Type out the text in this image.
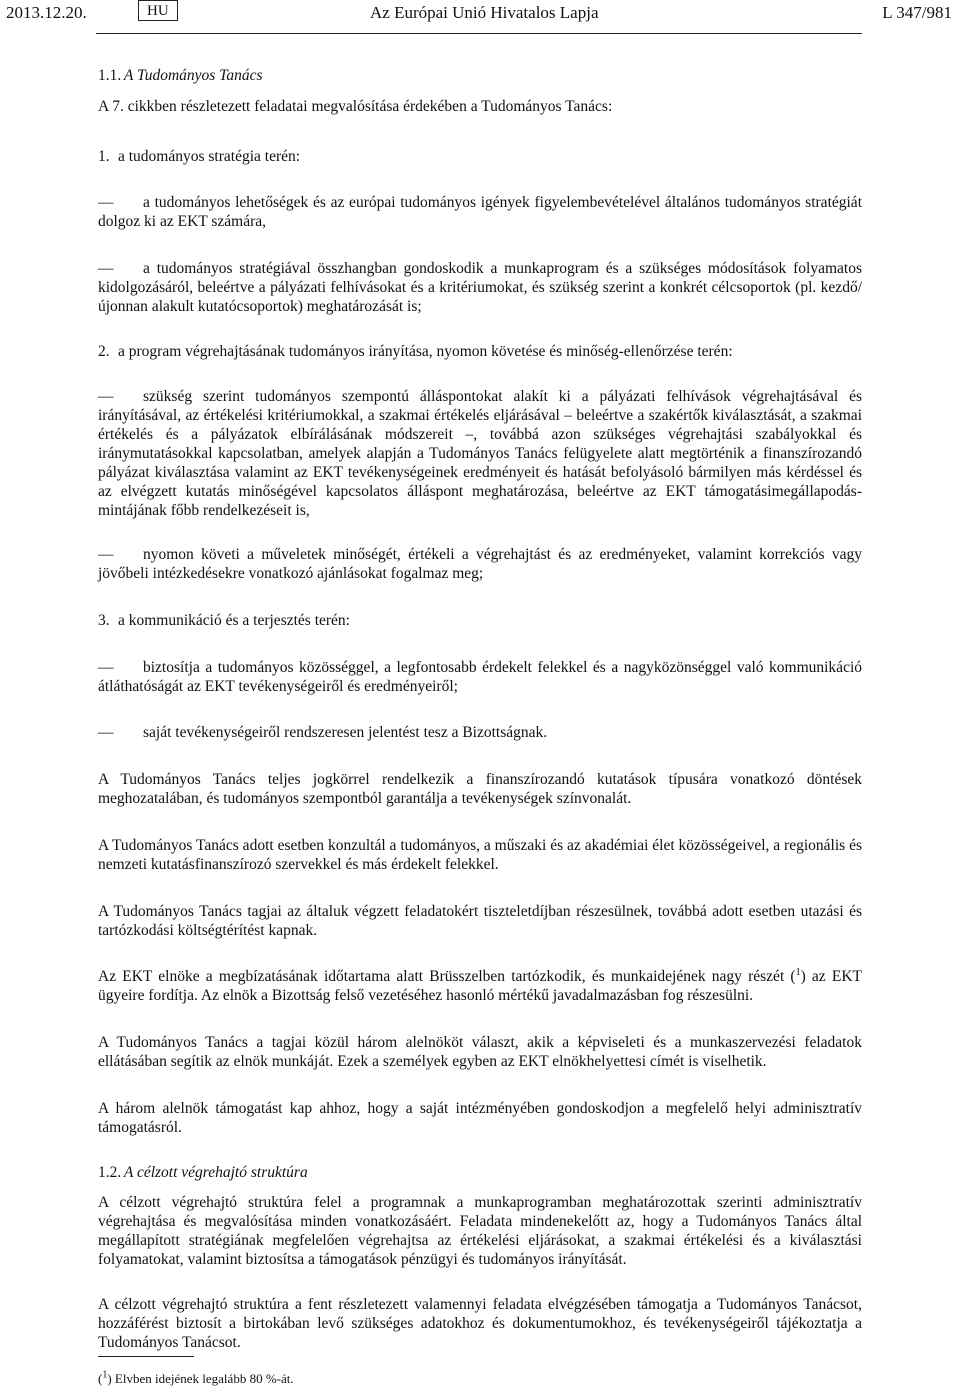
2013.12.20.	HU	Az Európai Unió Hivatalos Lapja	L 347/981
1.1. A Tudományos Tanács

A 7. cikkben részletezett feladatai megvalósítása érdekében a Tudományos Tanács:

1. a tudományos stratégia terén:
—	a tudományos lehetőségek és az európai tudományos igények figyelembevételével általános tudományos stratégiát dolgoz ki az EKT számára,
—	a tudományos stratégiával összhangban gondoskodik a munkaprogram és a szükséges módosítások folyamatos kidolgozásáról, beleértve a pályázati felhívásokat és a kritériumokat, és szükség szerint a konkrét célcsoportok (pl. kezdő/újonnan alakult kutatócsoportok) meghatározását is;
2. a program végrehajtásának tudományos irányítása, nyomon követése és minőség-ellenőrzése terén:
—	szükség szerint tudományos szempontú álláspontokat alakít ki a pályázati felhívások végrehajtásával és irányításával, az értékelési kritériumokkal, a szakmai értékelés eljárásával – beleértve a szakértők kiválasztását, a szakmai értékelés és a pályázatok elbírálásának módszereit –, továbbá azon szükséges végrehajtási szabályokkal és iránymutatásokkal kapcsolatban, amelyek alapján a Tudományos Tanács felügyelete alatt megtörténik a finanszírozandó pályázat kiválasztása valamint az EKT tevékenységeinek eredményeit és hatását befolyásoló bármilyen más kérdéssel és az elvégzett kutatás minőségével kapcsolatos álláspont meghatározása, beleértve az EKT támogatásimegállapodás-mintájának főbb rendelkezéseit is,
—	nyomon követi a műveletek minőségét, értékeli a végrehajtást és az eredményeket, valamint korrekciós vagy jövőbeli intézkedésekre vonatkozó ajánlásokat fogalmaz meg;
3. a kommunikáció és a terjesztés terén:
—	biztosítja a tudományos közösséggel, a legfontosabb érdekelt felekkel és a nagyközönséggel való kommunikáció átláthatóságát az EKT tevékenységeiről és eredményeiről;
—	saját tevékenységeiről rendszeresen jelentést tesz a Bizottságnak.

A Tudományos Tanács teljes jogkörrel rendelkezik a finanszírozandó kutatások típusára vonatkozó döntések meghozatalában, és tudományos szempontból garantálja a tevékenységek színvonalát.

A Tudományos Tanács adott esetben konzultál a tudományos, a műszaki és az akadémiai élet közösségeivel, a regionális és nemzeti kutatásfinanszírozó szervekkel és más érdekelt felekkel.

A Tudományos Tanács tagjai az általuk végzett feladatokért tiszteletdíjban részesülnek, továbbá adott esetben utazási és tartózkodási költségtérítést kapnak.

Az EKT elnöke a megbízatásának időtartama alatt Brüsszelben tartózkodik, és munkaidejének nagy részét ($^1$) az EKT ügyeire fordítja. Az elnök a Bizottság felső vezetéséhez hasonló mértékű javadalmazásban fog részesülni.

A Tudományos Tanács a tagjai közül három alelnököt választ, akik a képviseleti és a munkaszervezési feladatok ellátásában segítik az elnök munkáját. Ezek a személyek egyben az EKT elnökhelyettesi címét is viselhetik.

A három alelnök támogatást kap ahhoz, hogy a saját intézményében gondoskodjon a megfelelő helyi adminisztratív támogatásról.

1.2. A célzott végrehajtó struktúra

A célzott végrehajtó struktúra felel a programnak a munkaprogramban meghatározottak szerinti adminisztratív végrehajtása és megvalósítása minden vonatkozásáért. Feladata mindenekelőtt az, hogy a Tudományos Tanács által megállapított stratégiának megfelelően végrehajtsa az értékelési eljárásokat, a szakmai értékelési és a kiválasztási folyamatokat, valamint biztosítsa a támogatások pénzügyi és tudományos irányítását.

A célzott végrehajtó struktúra a fent részletezett valamennyi feladata elvégzésében támogatja a Tudományos Tanácsot, hozzáférést biztosít a birtokában levő szükséges adatokhoz és dokumentumokhoz, és tevékenységeiről tájékoztatja a Tudományos Tanácsot.

($^1$) Elvben idejének legalább 80 %-át.
